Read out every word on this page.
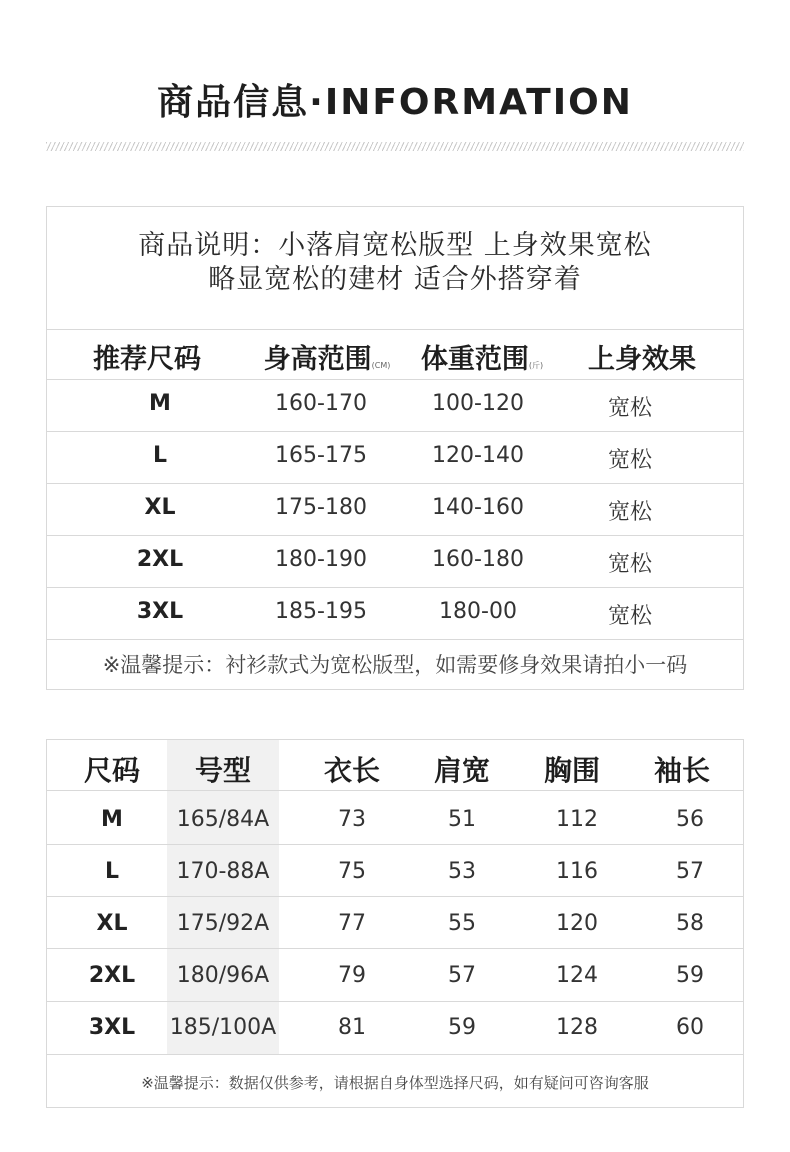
商品信息·INFORMATION
商品说明：小落肩宽松版型 上身效果宽松
略显宽松的建材 适合外搭穿着
推荐尺码	身高范围(CM)	体重范围(斤)	上身效果
M	160-170	100-120	宽松
L	165-175	120-140	宽松
XL	175-180	140-160	宽松
2XL	180-190	160-180	宽松
3XL	185-195	180-00	宽松
※温馨提示：衬衫款式为宽松版型，如需要修身效果请拍小一码
尺码	号型	衣长	肩宽	胸围	袖长
M	165/84A	73	51	112	56
L	170-88A	75	53	116	57
XL	175/92A	77	55	120	58
2XL	180/96A	79	57	124	59
3XL	185/100A	81	59	128	60
※温馨提示：数据仅供参考，请根据自身体型选择尺码，如有疑问可咨询客服
